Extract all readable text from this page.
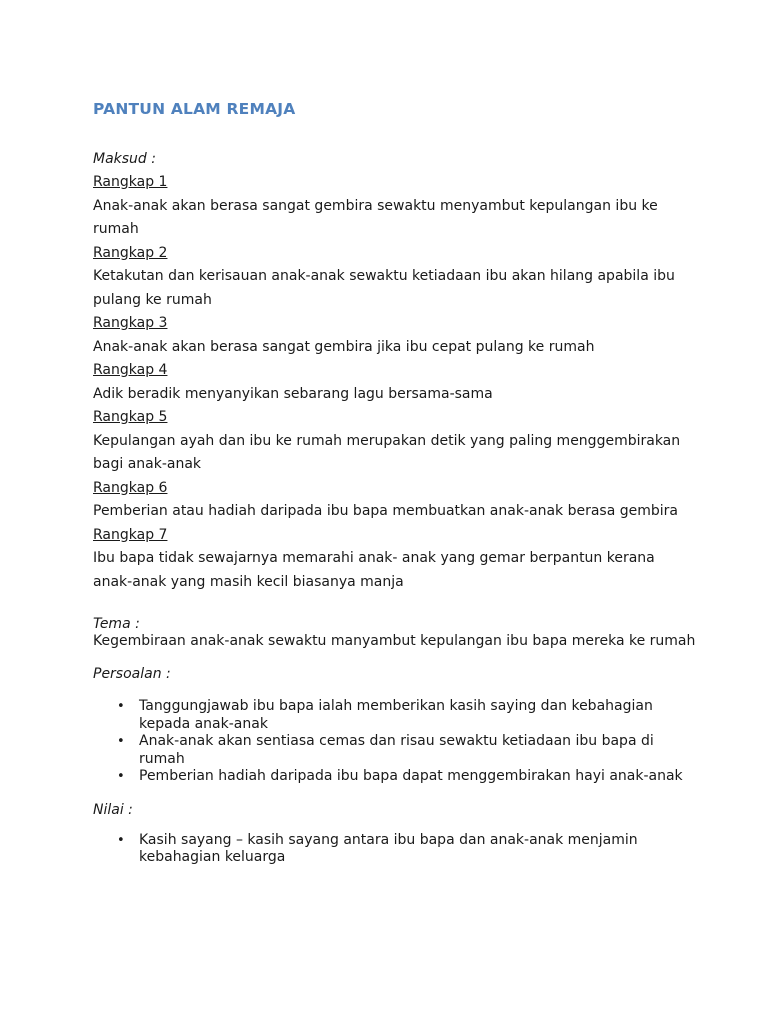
PANTUN ALAM REMAJA

Maksud :

Rangkap 1
Anak-anak akan berasa sangat gembira sewaktu menyambut kepulangan ibu ke rumah

Rangkap 2
Ketakutan dan kerisauan anak-anak sewaktu ketiadaan ibu akan hilang apabila ibu pulang ke rumah

Rangkap 3
Anak-anak akan berasa sangat gembira jika ibu cepat pulang ke rumah

Rangkap 4
Adik beradik menyanyikan sebarang lagu bersama-sama

Rangkap 5
Kepulangan ayah dan ibu ke rumah merupakan detik yang paling menggembirakan bagi anak-anak

Rangkap 6
Pemberian atau hadiah daripada ibu bapa membuatkan anak-anak berasa gembira

Rangkap 7
Ibu bapa tidak sewajarnya memarahi anak- anak yang gemar berpantun kerana anak-anak yang masih kecil biasanya manja

Tema :

Kegembiraan anak-anak sewaktu manyambut kepulangan ibu bapa mereka ke rumah

Persoalan :

• Tanggungjawab ibu bapa ialah memberikan kasih saying dan kebahagian kepada anak-anak
• Anak-anak akan sentiasa cemas dan risau sewaktu ketiadaan ibu bapa di rumah
• Pemberian hadiah daripada ibu bapa dapat menggembirakan hayi anak-anak

Nilai :

• Kasih sayang – kasih sayang antara ibu bapa dan anak-anak menjamin kebahagian keluarga
